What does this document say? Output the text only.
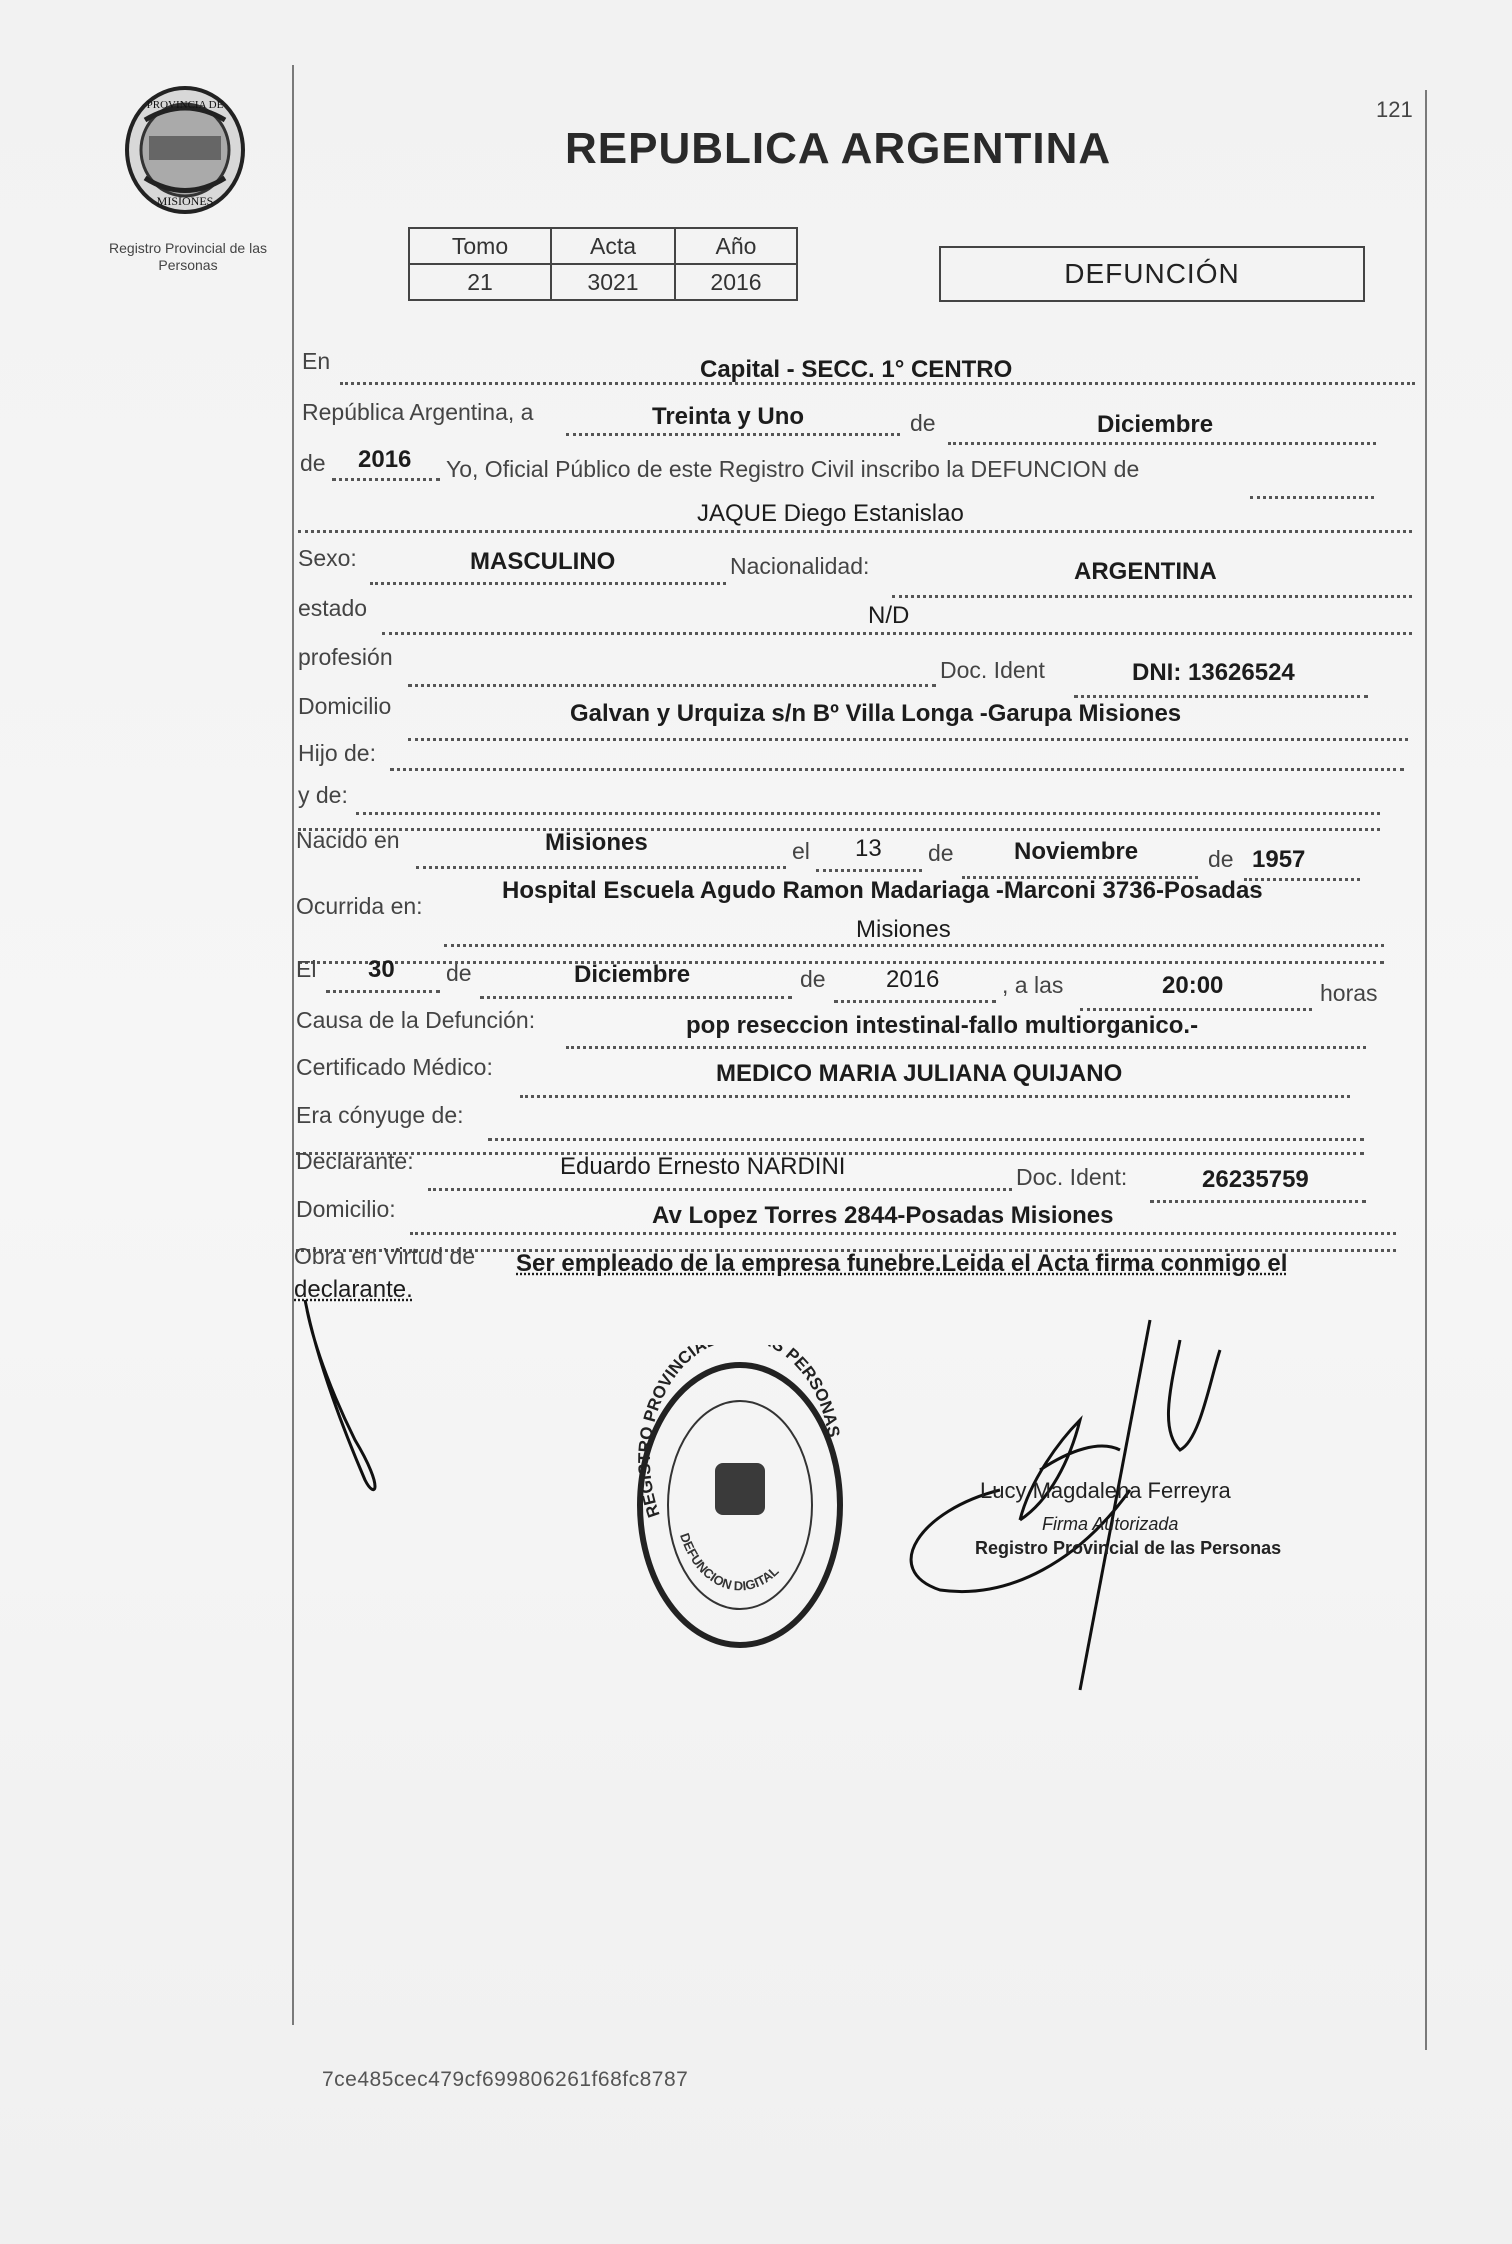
PROVINCIA DE
MISIONES
Registro Provincial de las Personas
REPUBLICA ARGENTINA
121
Tomo	Acta	Año
21	3021	2016	DEFUNCIÓN
En	Capital - SECC. 1° CENTRO
República Argentina, a	Treinta y Uno	de	Diciembre
de 2016 Yo, Oficial Público de este Registro Civil inscribo la DEFUNCION de
JAQUE Diego Estanislao
Sexo:	MASCULINO	Nacionalidad:	ARGENTINA
estado	N/D
profesión	Doc. Ident	DNI: 13626524
Domicilio	Galvan y Urquiza s/n Bº Villa Longa -Garupa Misiones
Hijo de:
y de:
Nacido en	Misiones	el 13 de	Noviembre	de 1957
Ocurrida en:
Hospital Escuela Agudo Ramon Madariaga -Marconi 3736-Posadas
Misiones
El 30 de	Diciembre	de	2016	, a las	20:00	horas
Causa de la Defunción:	pop reseccion intestinal-fallo multiorganico.-
Certificado Médico:	MEDICO MARIA JULIANA QUIJANO
Era cónyuge de:
Declarante:	Eduardo Ernesto NARDINI	Doc. Ident:	26235759
Domicilio:	Av Lopez Torres 2844-Posadas Misiones
Obra en Virtud de Ser empleado de la empresa funebre.Leida el Acta firma conmigo el
declarante.
REGISTRO PROVINCIA S PERSONAS
DEFUNCION DIGITAL
Lucy Magdalena Ferreyra
Firma Autorizada
Registro Provincial de las Personas
7ce485cec479cf699806261f68fc8787
